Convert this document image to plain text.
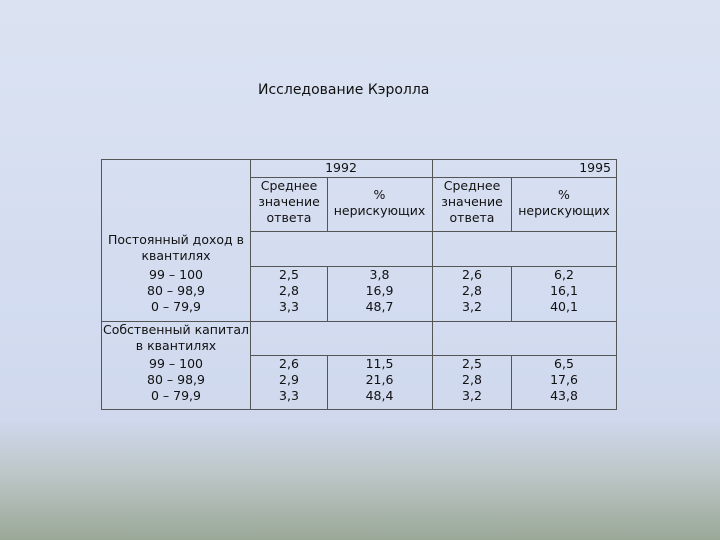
Исследование Кэролла
1992	1995
Среднее
значение
ответа
%
нерискующих
Среднее
значение
ответа
%
нерискующих
Постоянный доход в
квантилях
99 – 100
80 – 98,9
0 – 79,9
2,5
2,8
3,3
3,8
16,9
48,7
2,6
2,8
3,2
6,2
16,1
40,1
Собственный капитал
в квантилях
99 – 100
80 – 98,9
0 – 79,9
2,6
2,9
3,3
11,5
21,6
48,4
2,5
2,8
3,2
6,5
17,6
43,8
